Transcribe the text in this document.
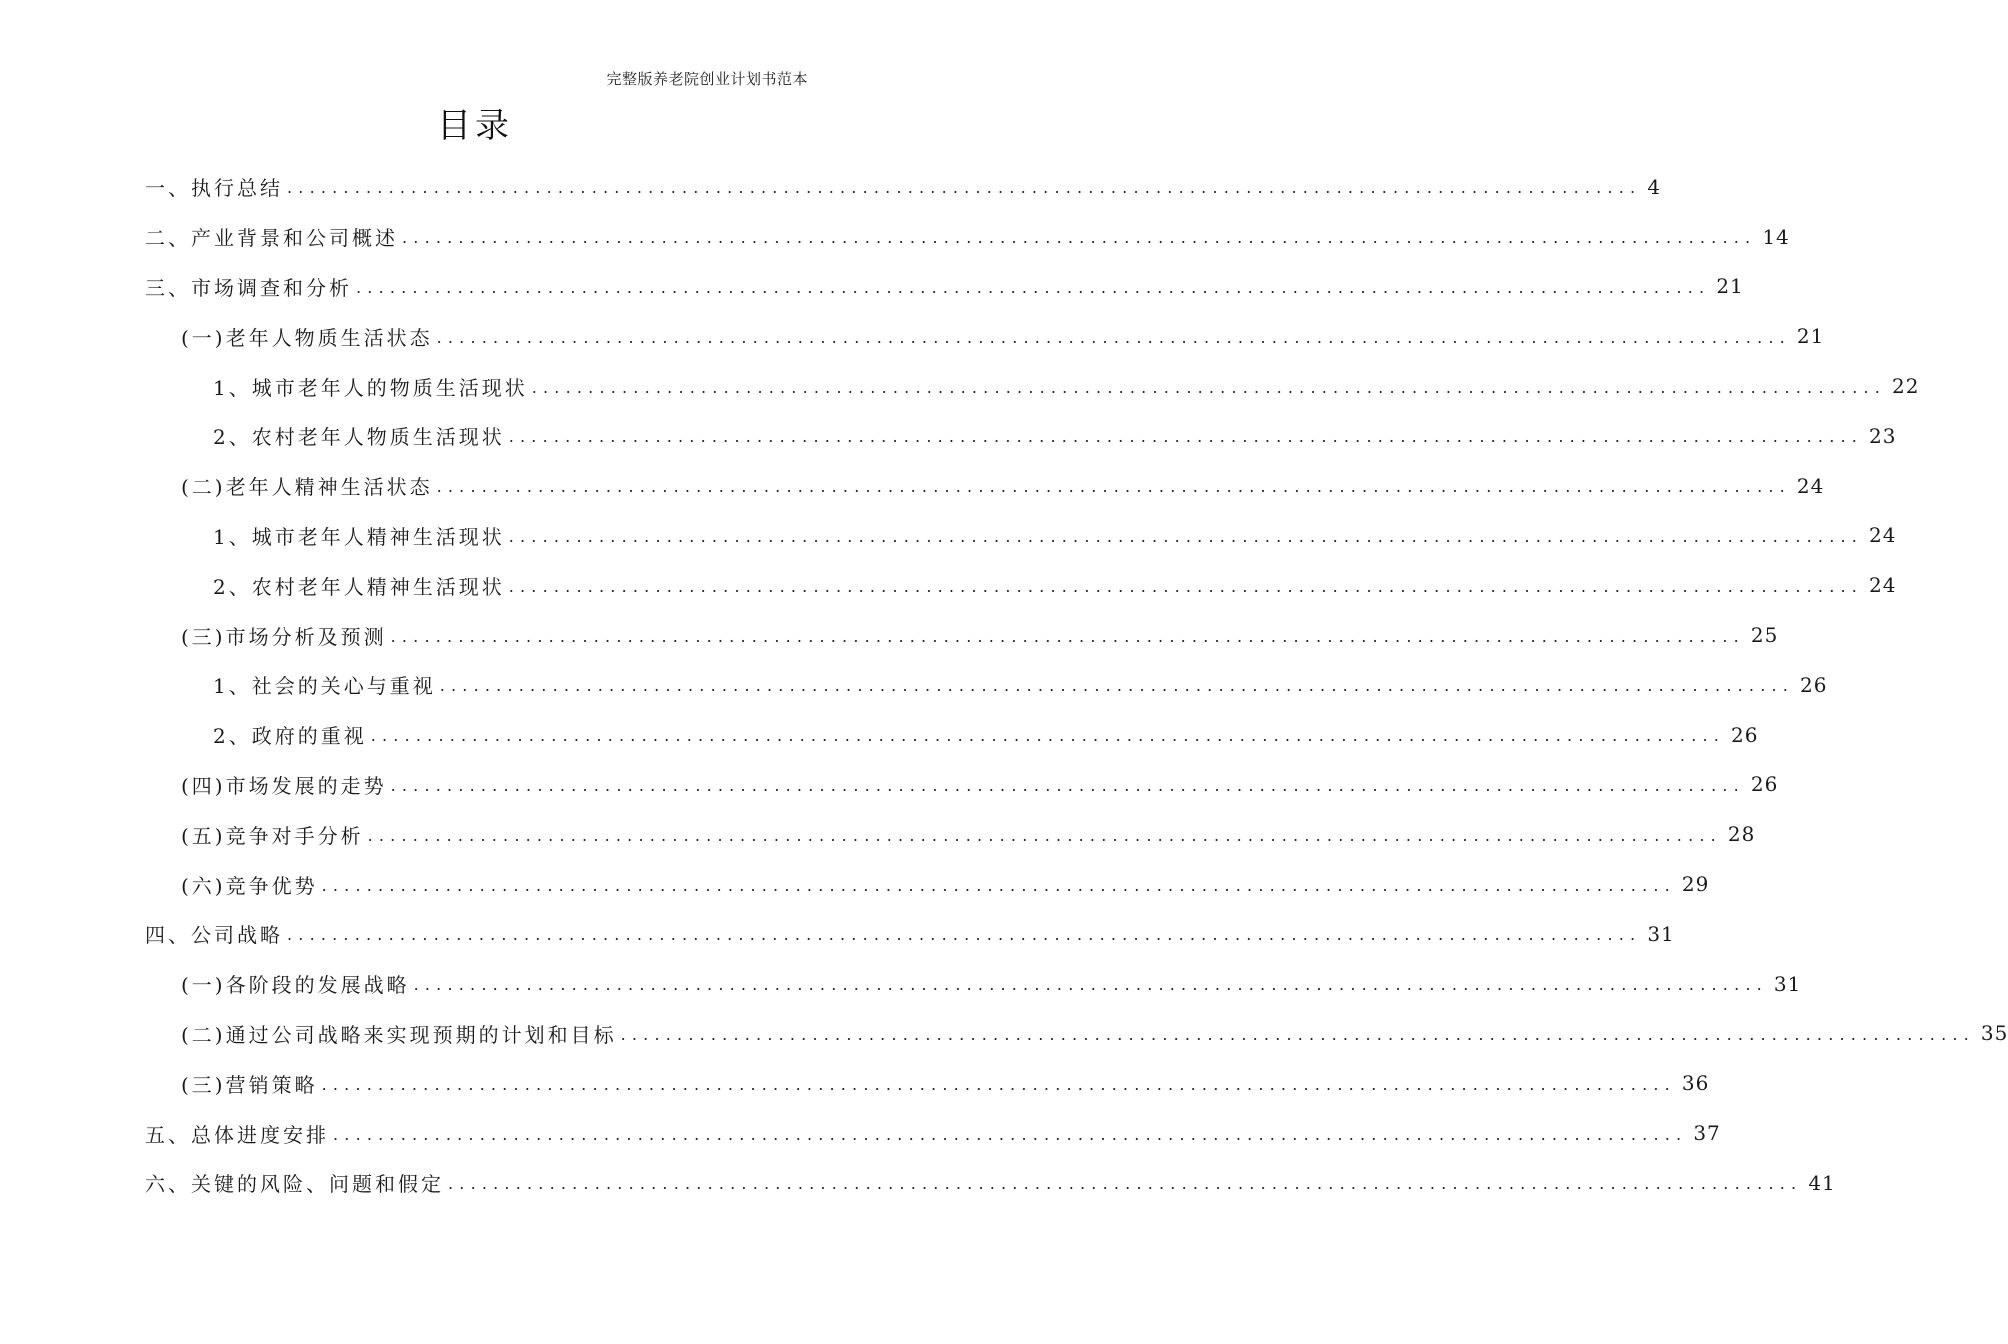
完整版养老院创业计划书范本
目录
一、执行总结 ........................................................................................................................ 4
二、产业背景和公司概述 ........................................................................................................................ 14
三、市场调查和分析 ........................................................................................................................ 21
(一)老年人物质生活状态 ........................................................................................................................ 21
1、城市老年人的物质生活现状 ........................................................................................................................ 22
2、农村老年人物质生活现状 ........................................................................................................................ 23
(二)老年人精神生活状态 ........................................................................................................................ 24
1、城市老年人精神生活现状 ........................................................................................................................ 24
2、农村老年人精神生活现状 ........................................................................................................................ 24
(三)市场分析及预测 ........................................................................................................................ 25
1、社会的关心与重视 ........................................................................................................................ 26
2、政府的重视 ........................................................................................................................ 26
(四)市场发展的走势 ........................................................................................................................ 26
(五)竞争对手分析 ........................................................................................................................ 28
(六)竞争优势 ........................................................................................................................ 29
四、公司战略 ........................................................................................................................ 31
(一)各阶段的发展战略 ........................................................................................................................ 31
(二)通过公司战略来实现预期的计划和目标 ........................................................................................................................ 35
(三)营销策略 ........................................................................................................................ 36
五、总体进度安排 ........................................................................................................................ 37
六、关键的风险、问题和假定 ........................................................................................................................ 41
